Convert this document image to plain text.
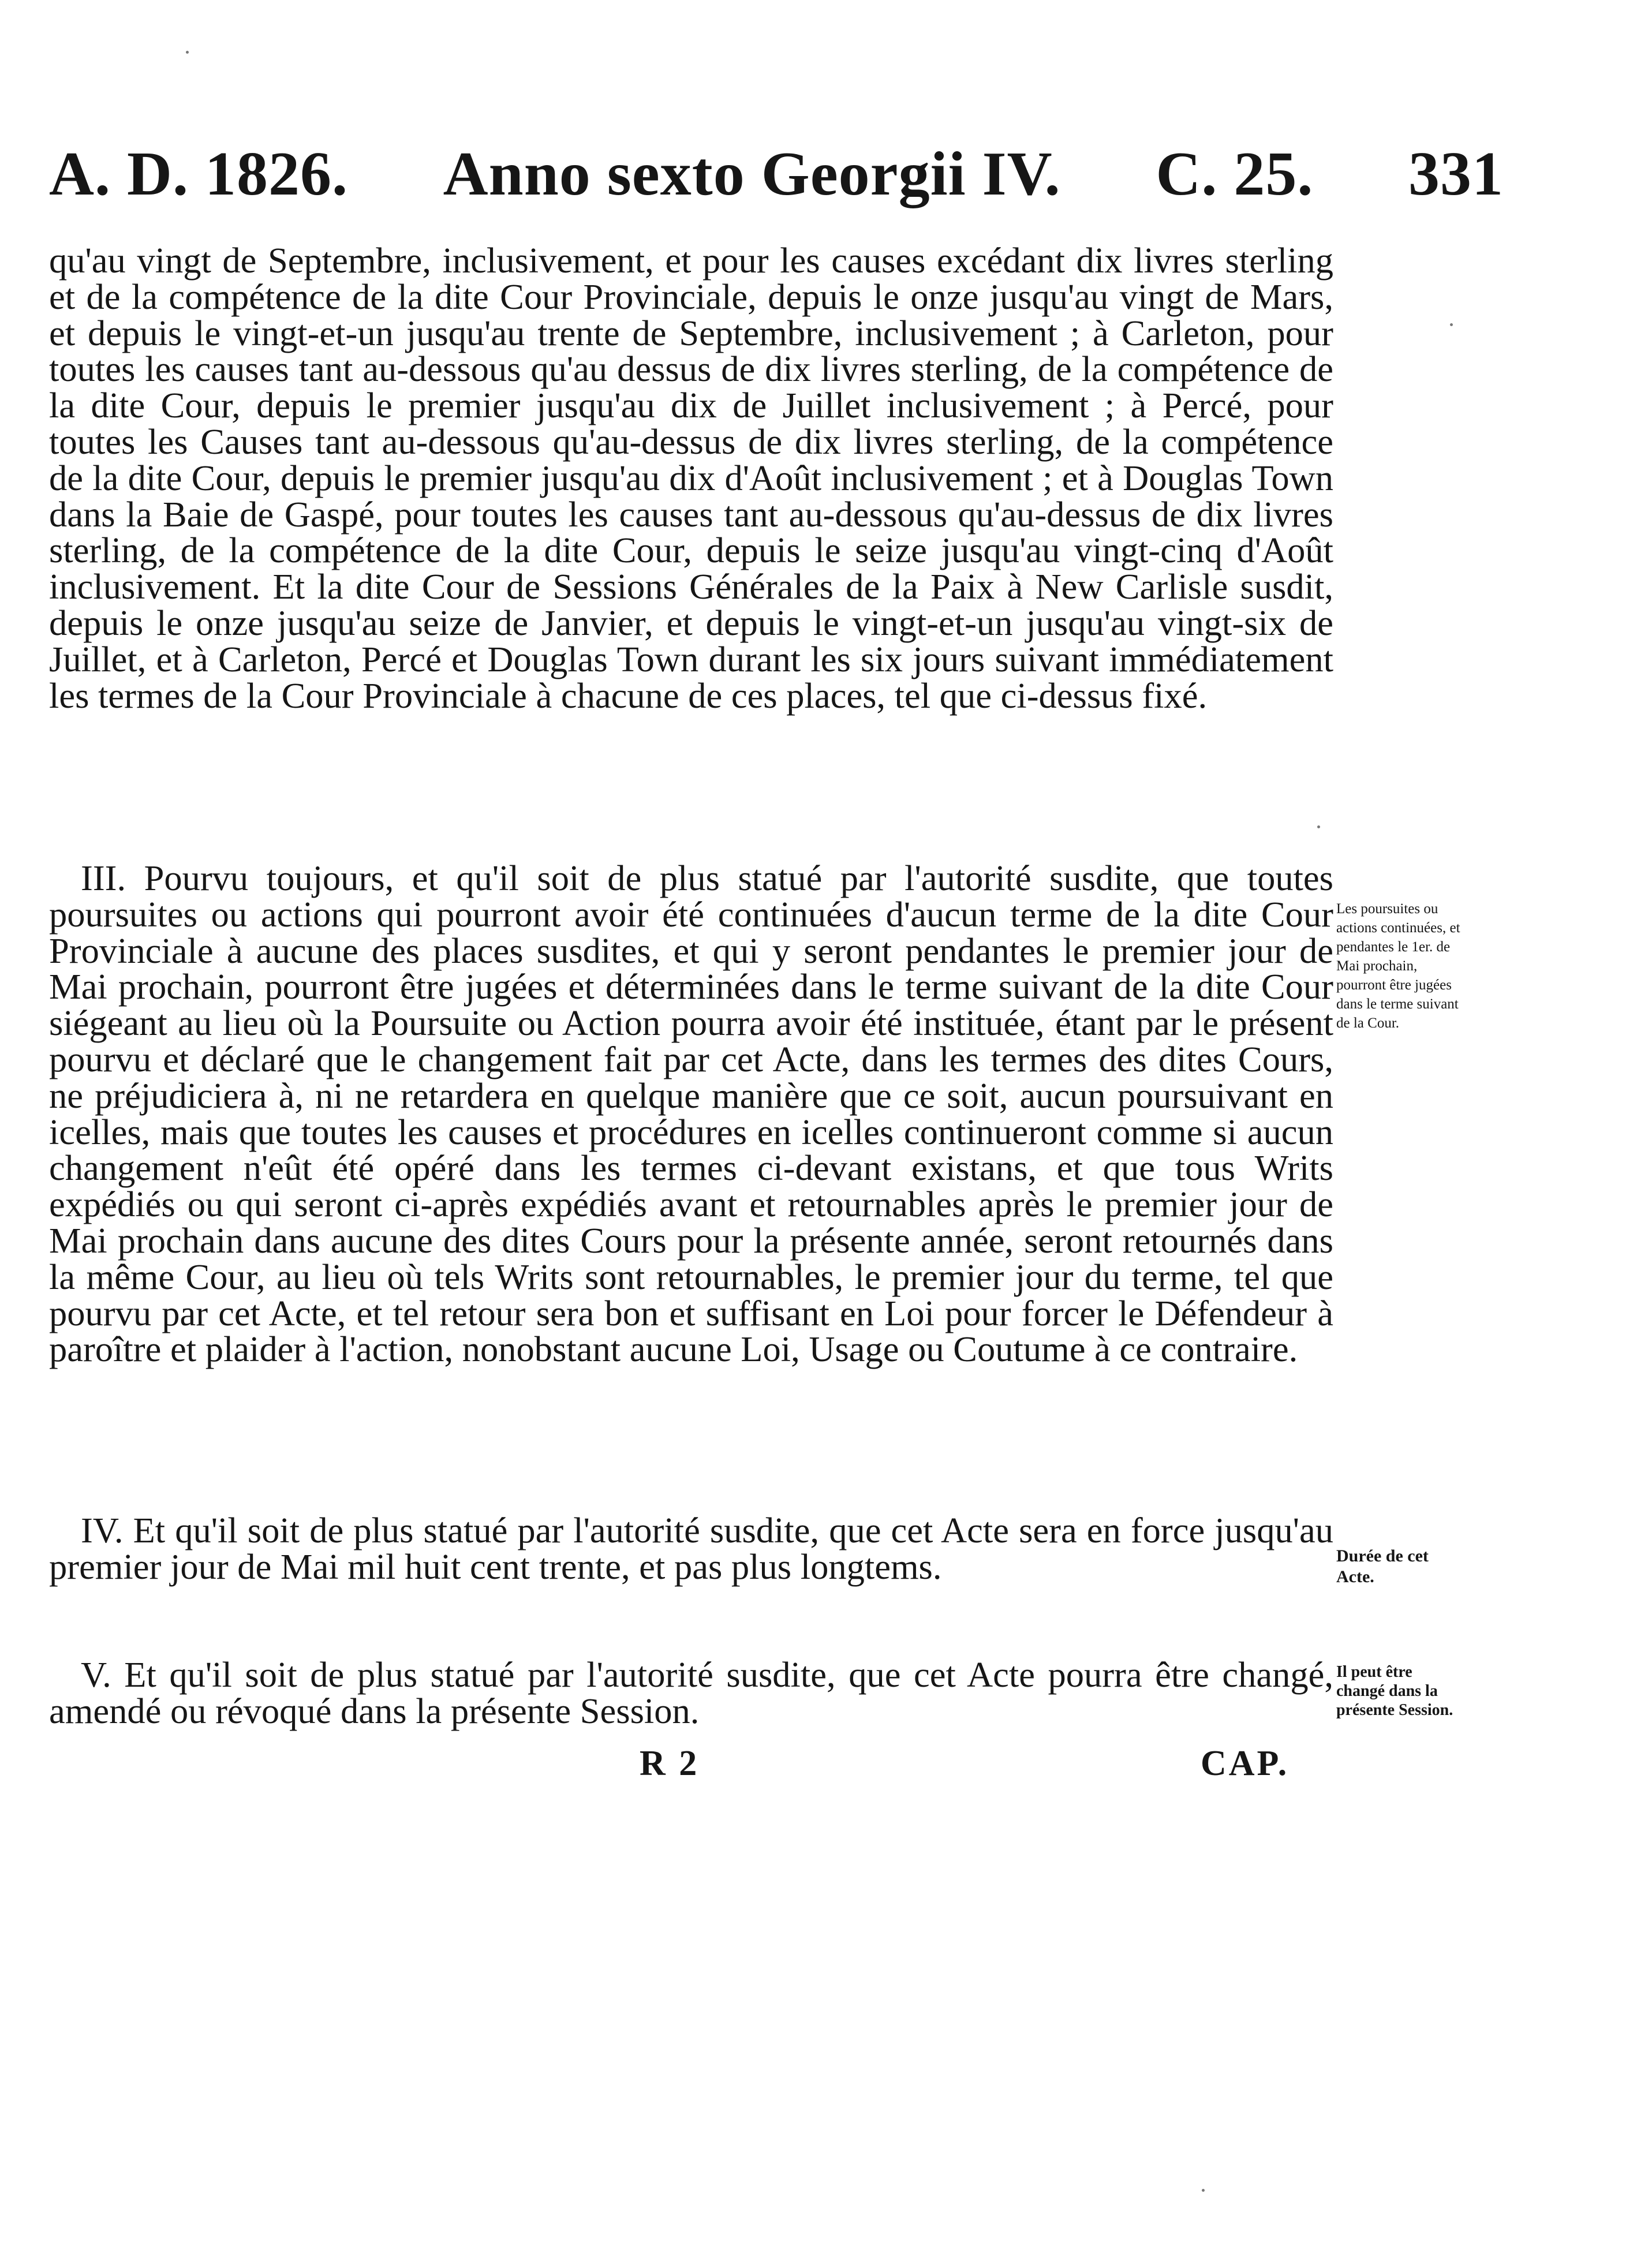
A. D. 1826. Anno sexto Georgii IV. C. 25. 331

qu'au vingt de Septembre, inclusivement, et pour les causes excédant dix livres sterling et de la compétence de la dite Cour Provinciale, depuis le onze jusqu'au vingt de Mars, et depuis le vingt-et-un jusqu'au trente de Septembre, inclusivement ; à Carleton, pour toutes les causes tant au-dessous qu'au dessus de dix livres sterling, de la compétence de la dite Cour, depuis le premier jusqu'au dix de Juillet inclusivement ; à Percé, pour toutes les Causes tant au-dessous qu'au-dessus de dix livres sterling, de la compétence de la dite Cour, depuis le premier jusqu'au dix d'Août inclusivement ; et à Douglas Town dans la Baie de Gaspé, pour toutes les causes tant au-dessous qu'au-dessus de dix livres sterling, de la compétence de la dite Cour, depuis le seize jusqu'au vingt-cinq d'Août inclusivement. Et la dite Cour de Sessions Générales de la Paix à New Carlisle susdit, depuis le onze jusqu'au seize de Janvier, et depuis le vingt-et-un jusqu'au vingt-six de Juillet, et à Carleton, Percé et Douglas Town durant les six jours suivant immédiatement les termes de la Cour Provinciale à chacune de ces places, tel que ci-dessus fixé.

III. Pourvu toujours, et qu'il soit de plus statué par l'autorité susdite, que toutes poursuites ou actions qui pourront avoir été continuées d'aucun terme de la dite Cour Provinciale à aucune des places susdites, et qui y seront pendantes le premier jour de Mai prochain, pourront être jugées et déterminées dans le terme suivant de la dite Cour siégeant au lieu où la Poursuite ou Action pourra avoir été instituée, étant par le présent pourvu et déclaré que le changement fait par cet Acte, dans les termes des dites Cours, ne préjudiciera à, ni ne retardera en quelque manière que ce soit, aucun poursuivant en icelles, mais que toutes les causes et procédures en icelles continueront comme si aucun changement n'eût été opéré dans les termes ci-devant existans, et que tous Writs expédiés ou qui seront ci-après expédiés avant et retournables après le premier jour de Mai prochain dans aucune des dites Cours pour la présente année, seront retournés dans la même Cour, au lieu où tels Writs sont retournables, le premier jour du terme, tel que pourvu par cet Acte, et tel retour sera bon et suffisant en Loi pour forcer le Défendeur à paroître et plaider à l'action, nonobstant aucune Loi, Usage ou Coutume à ce contraire.

Les poursuites ou actions continuées, et pendantes le 1er. de Mai prochain, pourront être jugées dans le terme suivant de la Cour.

IV. Et qu'il soit de plus statué par l'autorité susdite, que cet Acte sera en force jusqu'au premier jour de Mai mil huit cent trente, et pas plus longtems.	Durée de cet Acte.

V. Et qu'il soit de plus statué par l'autorité susdite, que cet Acte pourra être changé, amendé ou révoqué dans la présente Session.

Il peut être changé dans la présente Session.
R 2	CAP.
